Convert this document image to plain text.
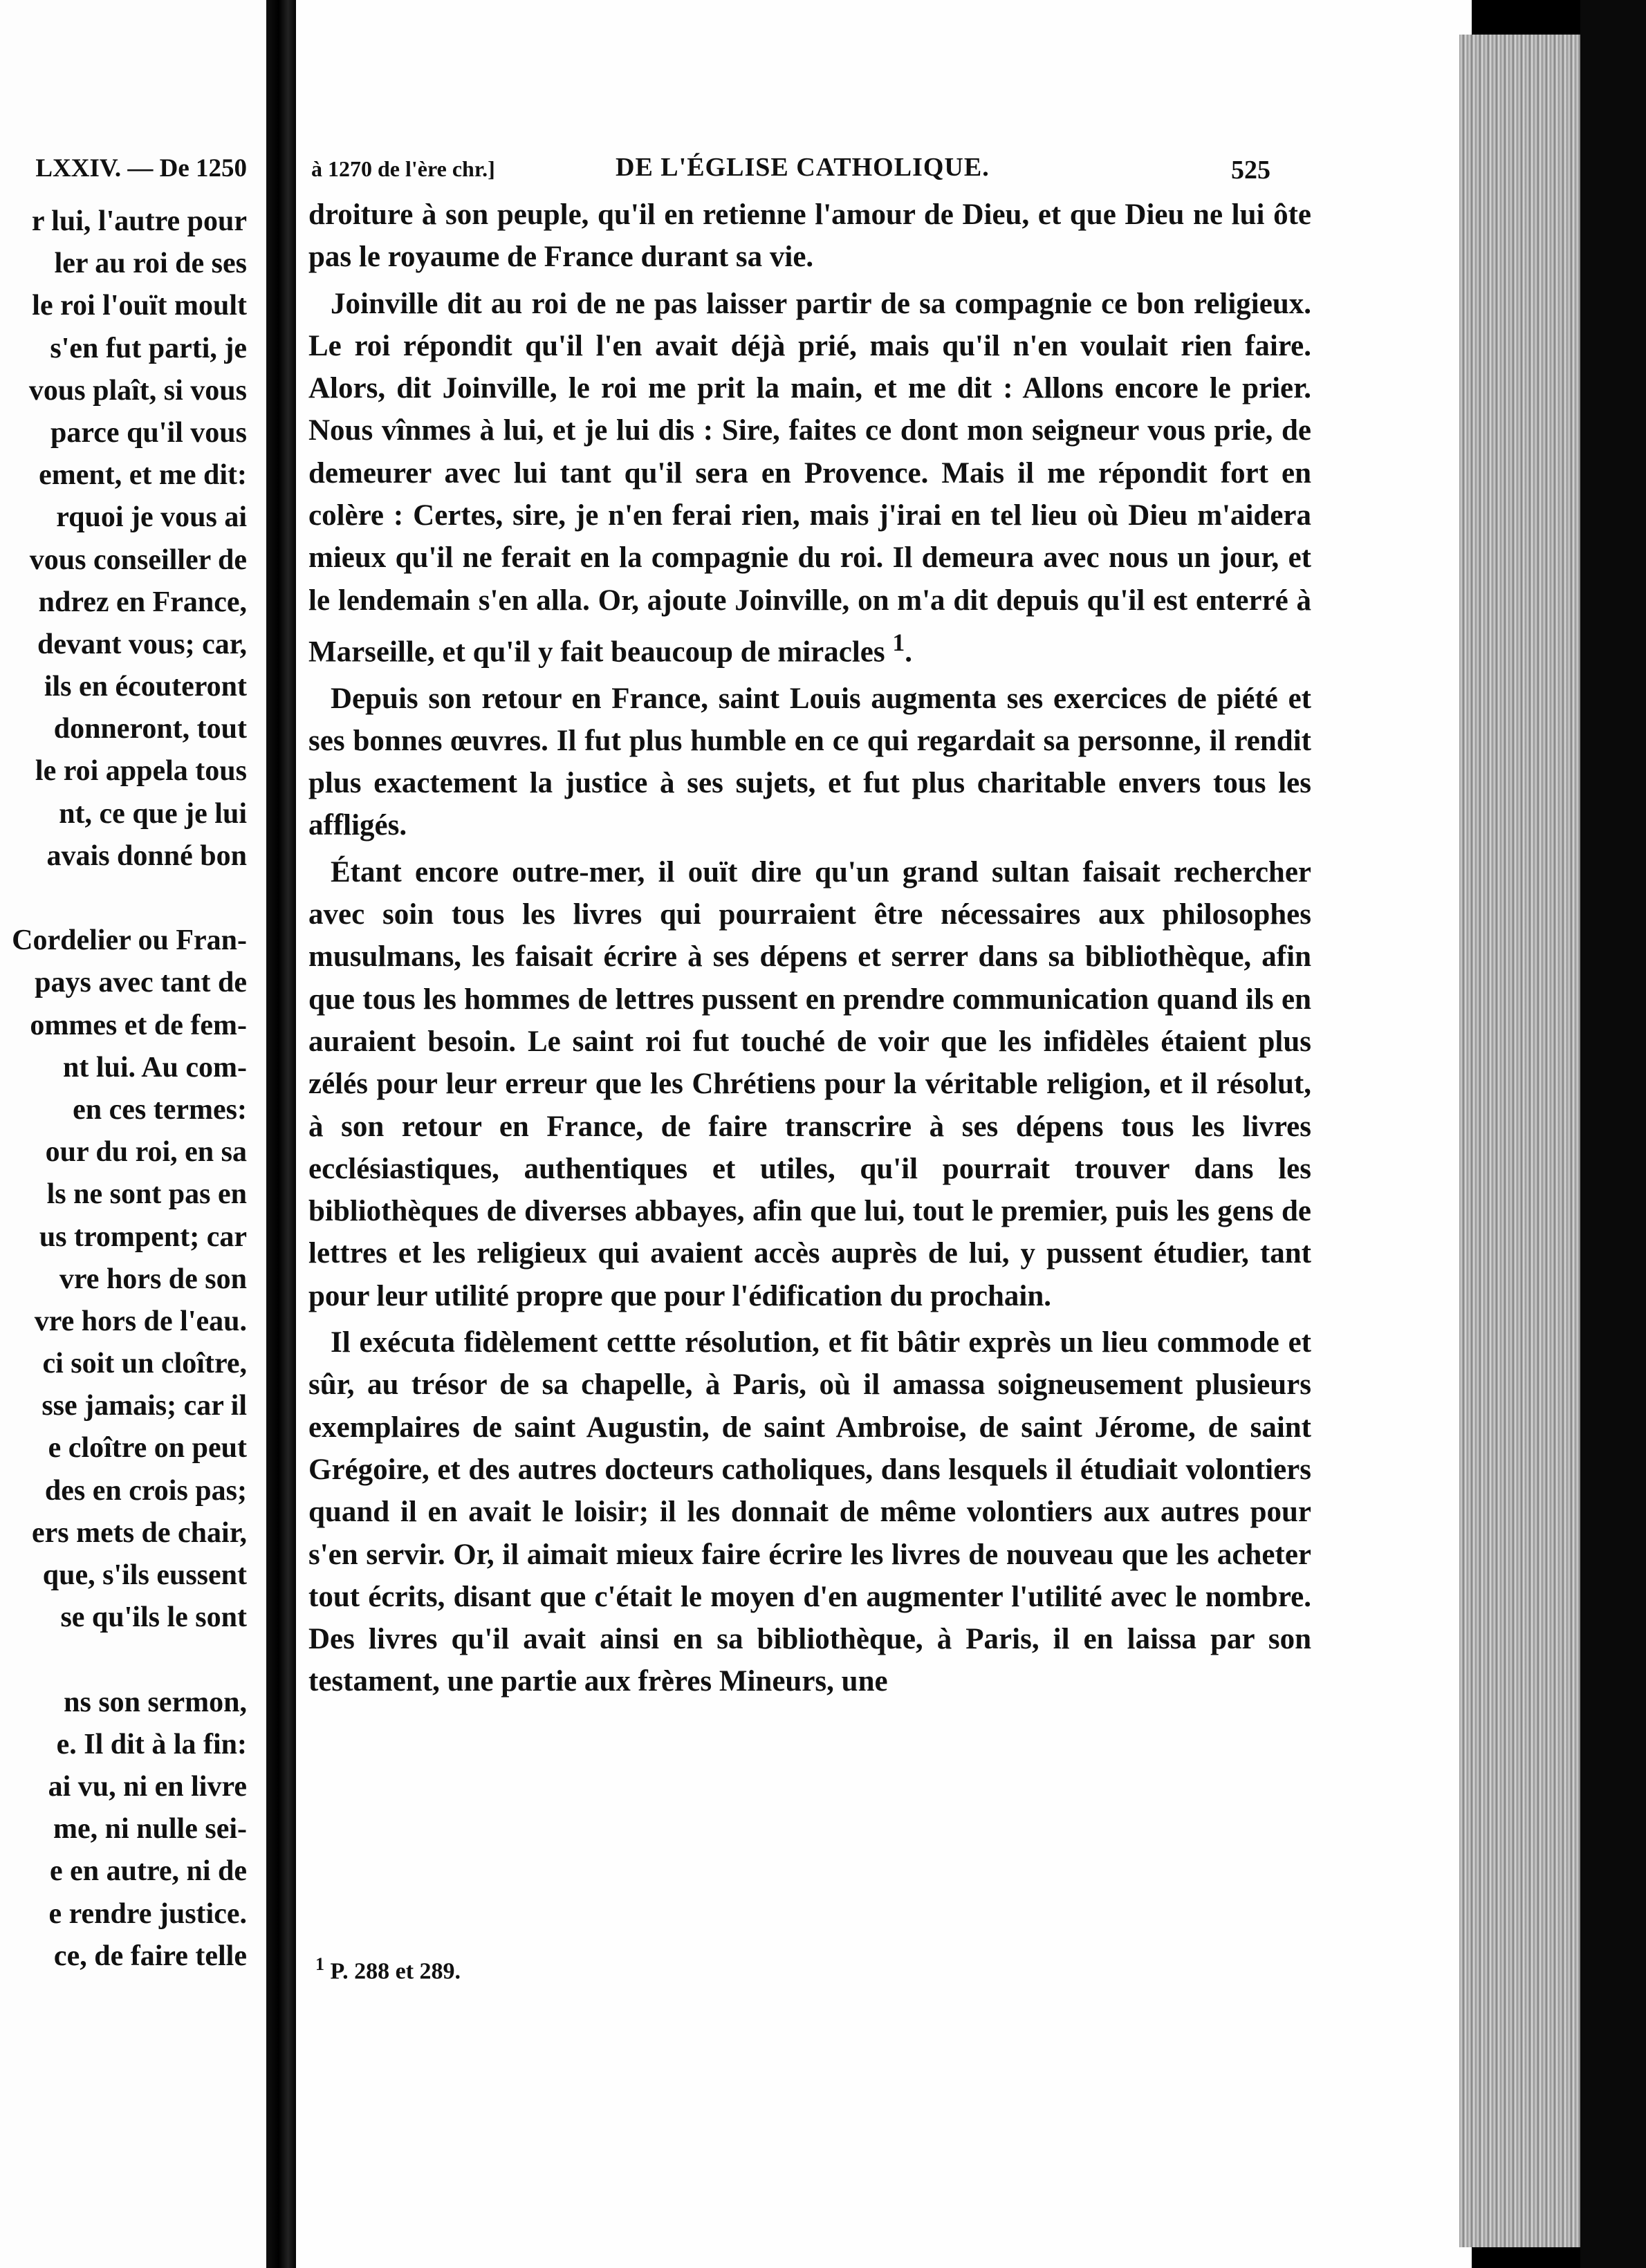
r lui, l'autre pour
ler au roi de ses
le roi l'ouït moult
s'en fut parti, je
vous plaît, si vous
parce qu'il vous
ement, et me dit:
rquoi je vous ai
vous conseiller de
ndrez en France,
devant vous; car,
ils en écouteront
donneront, tout
le roi appela tous
nt, ce que je lui
avais donné bon
Cordelier ou Fran-
pays avec tant de
ommes et de fem-
nt lui. Au com-
en ces termes:
our du roi, en sa
ls ne sont pas en
us trompent; car
vre hors de son
vre hors de l'eau.
ci soit un cloître,
sse jamais; car il
e cloître on peut
des en crois pas;
ers mets de chair,
que, s'ils eussent
se qu'ils le sont
ns son sermon,
e. Il dit à la fin:
ai vu, ni en livre
me, ni nulle sei-
e en autre, ni de
e rendre justice.
ce, de faire telle
LXXIV. — De 1250	à 1270 de l'ère chr.]	DE L'ÉGLISE CATHOLIQUE.	525

droiture à son peuple, qu'il en retienne l'amour de Dieu, et que Dieu ne lui ôte pas le royaume de France durant sa vie.

Joinville dit au roi de ne pas laisser partir de sa compagnie ce bon religieux. Le roi répondit qu'il l'en avait déjà prié, mais qu'il n'en voulait rien faire. Alors, dit Joinville, le roi me prit la main, et me dit : Allons encore le prier. Nous vînmes à lui, et je lui dis : Sire, faites ce dont mon seigneur vous prie, de demeurer avec lui tant qu'il sera en Provence. Mais il me répondit fort en colère : Certes, sire, je n'en ferai rien, mais j'irai en tel lieu où Dieu m'aidera mieux qu'il ne ferait en la compagnie du roi. Il demeura avec nous un jour, et le lendemain s'en alla. Or, ajoute Joinville, on m'a dit depuis qu'il est enterré à Marseille, et qu'il y fait beaucoup de miracles $^1$.

Depuis son retour en France, saint Louis augmenta ses exercices de piété et ses bonnes œuvres. Il fut plus humble en ce qui regardait sa personne, il rendit plus exactement la justice à ses sujets, et fut plus charitable envers tous les affligés.

Étant encore outre-mer, il ouït dire qu'un grand sultan faisait rechercher avec soin tous les livres qui pourraient être nécessaires aux philosophes musulmans, les faisait écrire à ses dépens et serrer dans sa bibliothèque, afin que tous les hommes de lettres pussent en prendre communication quand ils en auraient besoin. Le saint roi fut touché de voir que les infidèles étaient plus zélés pour leur erreur que les Chrétiens pour la véritable religion, et il résolut, à son retour en France, de faire transcrire à ses dépens tous les livres ecclésiastiques, authentiques et utiles, qu'il pourrait trouver dans les bibliothèques de diverses abbayes, afin que lui, tout le premier, puis les gens de lettres et les religieux qui avaient accès auprès de lui, y pussent étudier, tant pour leur utilité propre que pour l'édification du prochain.

Il exécuta fidèlement cettte résolution, et fit bâtir exprès un lieu commode et sûr, au trésor de sa chapelle, à Paris, où il amassa soigneusement plusieurs exemplaires de saint Augustin, de saint Ambroise, de saint Jérome, de saint Grégoire, et des autres docteurs catholiques, dans lesquels il étudiait volontiers quand il en avait le loisir; il les donnait de même volontiers aux autres pour s'en servir. Or, il aimait mieux faire écrire les livres de nouveau que les acheter tout écrits, disant que c'était le moyen d'en augmenter l'utilité avec le nombre. Des livres qu'il avait ainsi en sa bibliothèque, à Paris, il en laissa par son testament, une partie aux frères Mineurs, une

$^1$ P. 288 et 289.
